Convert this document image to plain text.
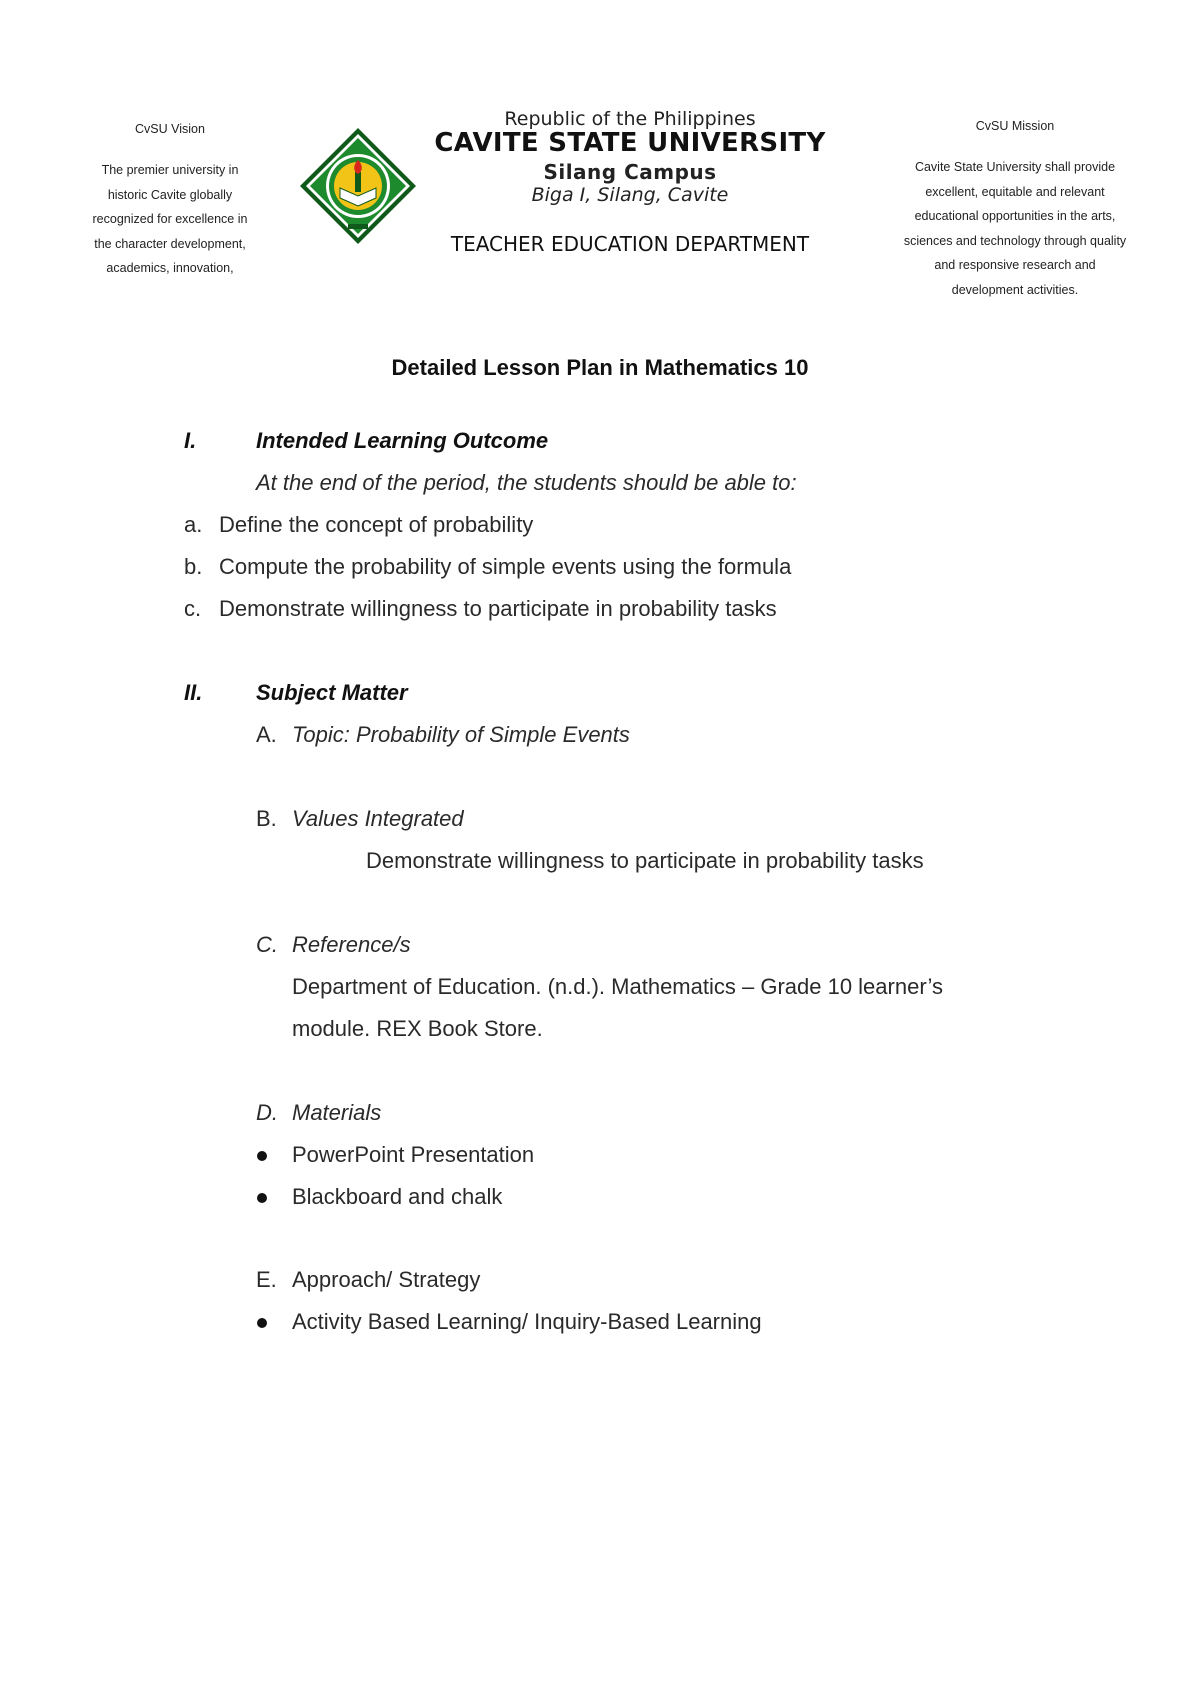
CvSU Vision
The premier university in
historic Cavite globally
recognized for excellence in
the character development,
academics, innovation,
CvSU Mission
Cavite State University shall provide
excellent, equitable and relevant
educational opportunities in the arts,
sciences and technology through quality
and responsive research and
development activities.
Republic of the Philippines
CAVITE STATE UNIVERSITY
Silang Campus
Biga I, Silang, Cavite
TEACHER EDUCATION DEPARTMENT
Detailed Lesson Plan in Mathematics 10
I.	Intended Learning Outcome
At the end of the period, the students should be able to:
a. Define the concept of probability
b. Compute the probability of simple events using the formula
c. Demonstrate willingness to participate in probability tasks
II. Subject Matter
A. Topic: Probability of Simple Events
B. Values Integrated
Demonstrate willingness to participate in probability tasks
C. Reference/s
Department of Education. (n.d.). Mathematics – Grade 10 learner’s
module. REX Book Store.
D. Materials
PowerPoint Presentation
Blackboard and chalk
E. Approach/ Strategy
Activity Based Learning/ Inquiry-Based Learning
